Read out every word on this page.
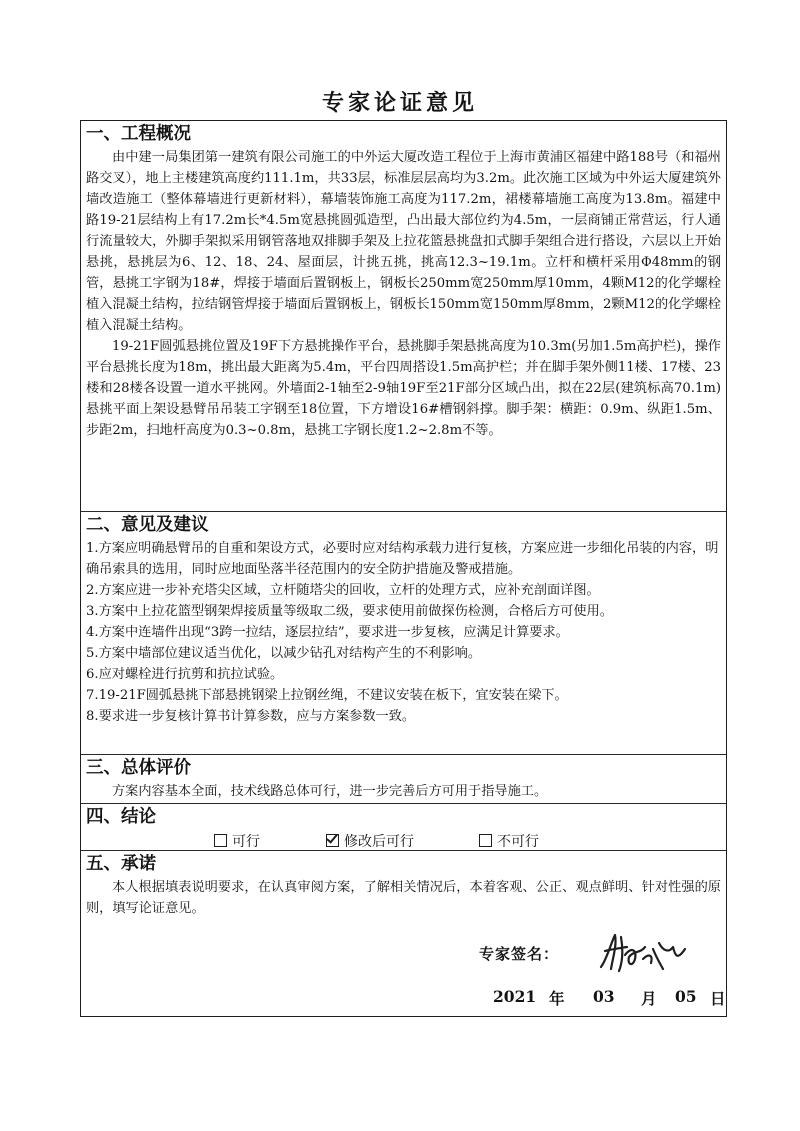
专家论证意见
一、工程概况

由中建一局集团第一建筑有限公司施工的中外运大厦改造工程位于上海市黄浦区福建中路188号（和福州路交叉），地上主楼建筑高度约111.1m，共33层，标准层层高均为3.2m。此次施工区域为中外运大厦建筑外墙改造施工（整体幕墙进行更新材料），幕墙装饰施工高度为117.2m，裙楼幕墙施工高度为13.8m。福建中路19-21层结构上有17.2m长*4.5m宽悬挑圆弧造型，凸出最大部位约为4.5m，一层商铺正常营运，行人通行流量较大，外脚手架拟采用钢管落地双排脚手架及上拉花篮悬挑盘扣式脚手架组合进行搭设，六层以上开始悬挑，悬挑层为6、12、18、24、屋面层，计挑五挑，挑高12.3~19.1m。立杆和横杆采用Φ48mm的钢管，悬挑工字钢为18#，焊接于墙面后置钢板上，钢板长250mm宽250mm厚10mm，4颗M12的化学螺栓植入混凝土结构，拉结钢管焊接于墙面后置钢板上，钢板长150mm宽150mm厚8mm，2颗M12的化学螺栓植入混凝土结构。

19-21F圆弧悬挑位置及19F下方悬挑操作平台，悬挑脚手架悬挑高度为10.3m(另加1.5m高护栏)，操作平台悬挑长度为18m，挑出最大距离为5.4m，平台四周搭设1.5m高护栏；并在脚手架外侧11楼、17楼、23楼和28楼各设置一道水平挑网。外墙面2-1轴至2-9轴19F至21F部分区域凸出，拟在22层(建筑标高70.1m)悬挑平面上架设悬臂吊吊装工字钢至18位置，下方增设16#槽钢斜撑。脚手架：横距：0.9m、纵距1.5m、步距2m，扫地杆高度为0.3~0.8m，悬挑工字钢长度1.2~2.8m不等。

二、意见及建议

1.方案应明确悬臂吊的自重和架设方式，必要时应对结构承载力进行复核，方案应进一步细化吊装的内容，明确吊索具的选用，同时应地面坠落半径范围内的安全防护措施及警戒措施。

2.方案应进一步补充塔尖区域，立杆随塔尖的回收，立杆的处理方式，应补充剖面详图。

3.方案中上拉花篮型钢架焊接质量等级取二级，要求使用前做探伤检测，合格后方可使用。

4.方案中连墙件出现“3跨一拉结，逐层拉结”，要求进一步复核，应满足计算要求。

5.方案中墙部位建议适当优化，以减少钻孔对结构产生的不利影响。

6.应对螺栓进行抗剪和抗拉试验。

7.19-21F圆弧悬挑下部悬挑钢梁上拉钢丝绳，不建议安装在板下，宜安装在梁下。

8.要求进一步复核计算书计算参数，应与方案参数一致。

三、总体评价

方案内容基本全面，技术线路总体可行，进一步完善后方可用于指导施工。

四、结论
可行	修改后可行	不可行
五、承诺

本人根据填表说明要求，在认真审阅方案，了解相关情况后，本着客观、公正、观点鲜明、针对性强的原则，填写论证意见。

专家签名：
2021 年 03 月 05 日
